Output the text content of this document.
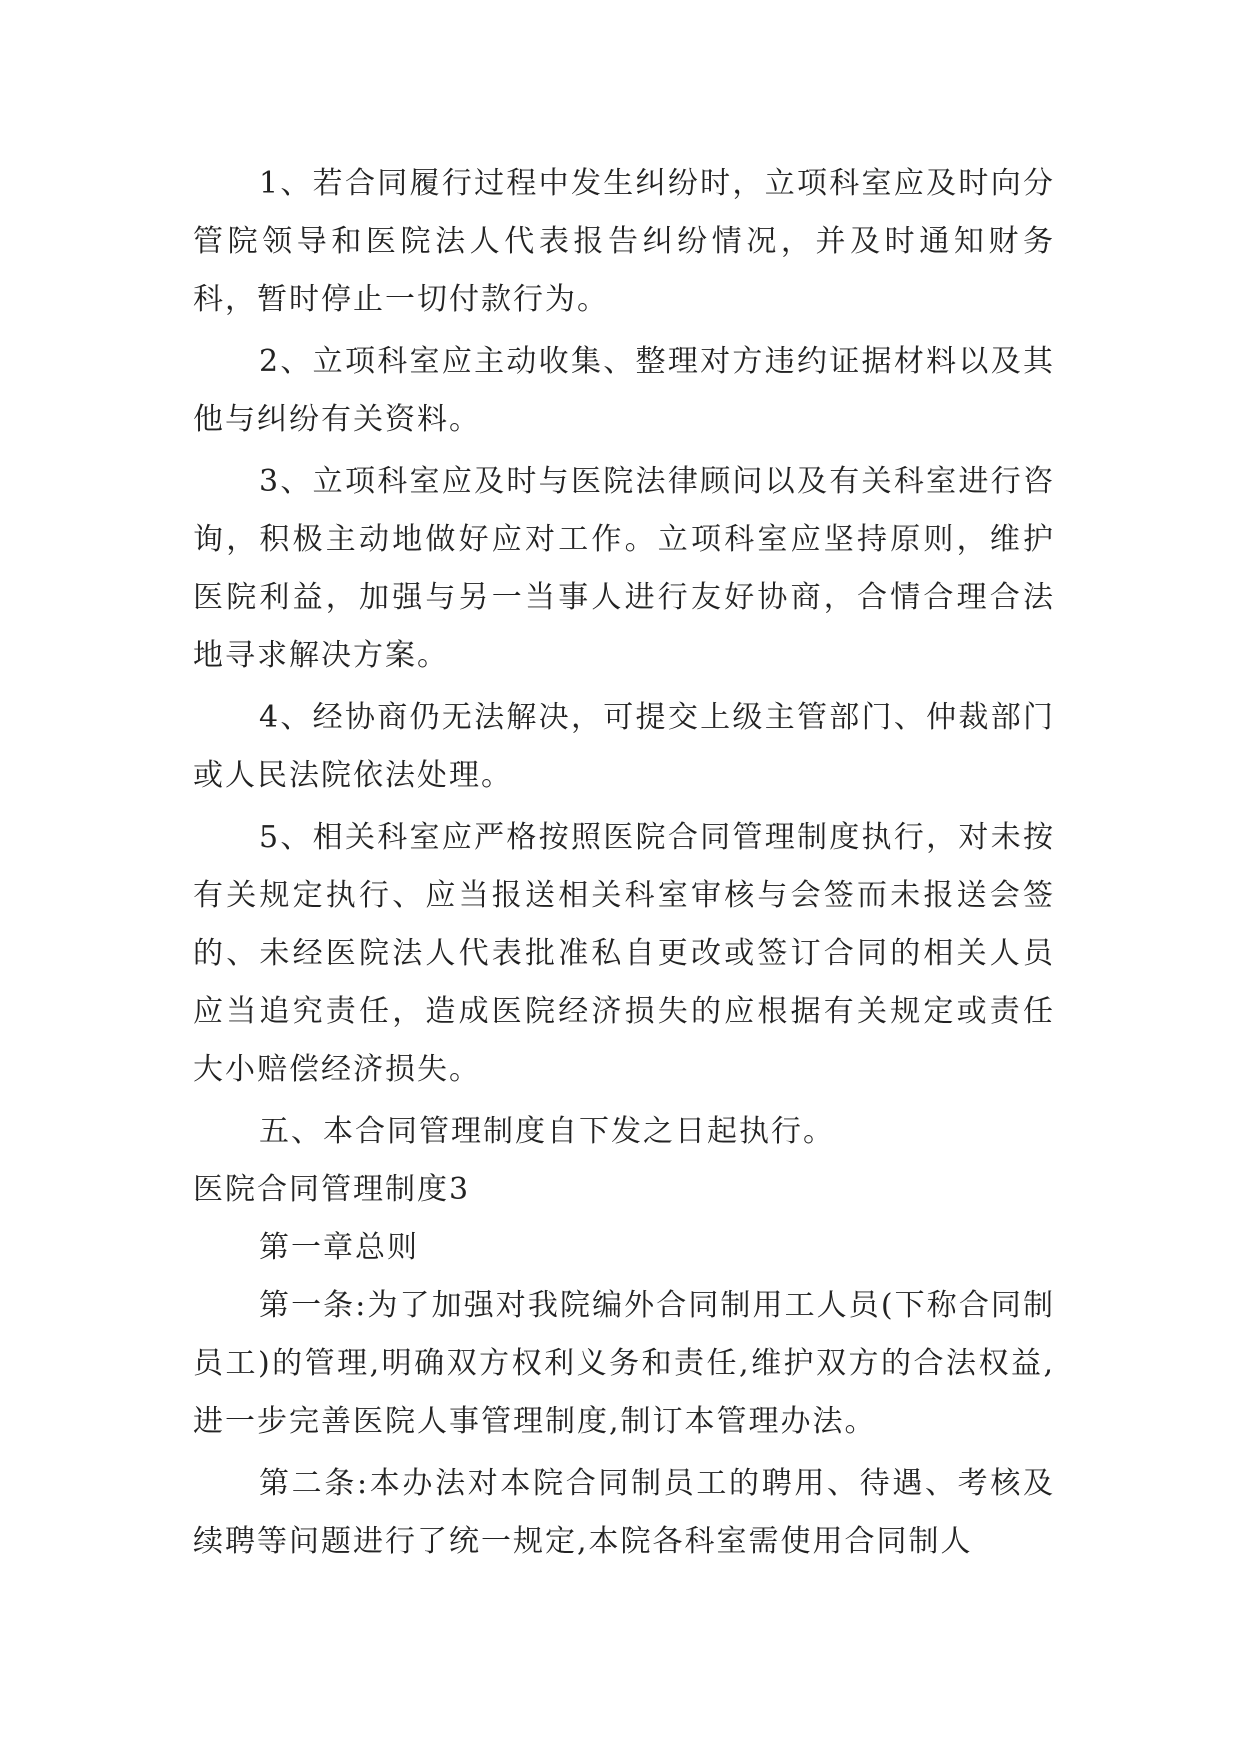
1、若合同履行过程中发生纠纷时，立项科室应及时向分管院领导和医院法人代表报告纠纷情况，并及时通知财务科，暂时停止一切付款行为。

2、立项科室应主动收集、整理对方违约证据材料以及其他与纠纷有关资料。

3、立项科室应及时与医院法律顾问以及有关科室进行咨询，积极主动地做好应对工作。立项科室应坚持原则，维护医院利益，加强与另一当事人进行友好协商，合情合理合法地寻求解决方案。

4、经协商仍无法解决，可提交上级主管部门、仲裁部门或人民法院依法处理。

5、相关科室应严格按照医院合同管理制度执行，对未按有关规定执行、应当报送相关科室审核与会签而未报送会签的、未经医院法人代表批准私自更改或签订合同的相关人员应当追究责任，造成医院经济损失的应根据有关规定或责任大小赔偿经济损失。

五、本合同管理制度自下发之日起执行。

医院合同管理制度3

第一章总则

第一条:为了加强对我院编外合同制用工人员(下称合同制员工)的管理,明确双方权利义务和责任,维护双方的合法权益,进一步完善医院人事管理制度,制订本管理办法。

第二条:本办法对本院合同制员工的聘用、待遇、考核及续聘等问题进行了统一规定,本院各科室需使用合同制人
